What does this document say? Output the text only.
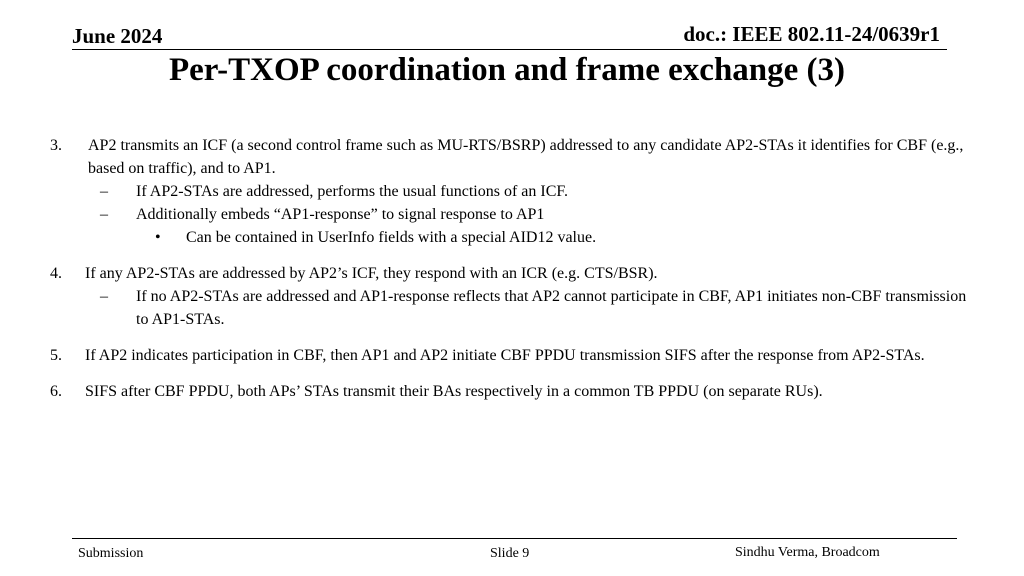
June 2024	doc.: IEEE 802.11-24/0639r1
Per-TXOP coordination and frame exchange (3)
3. AP2 transmits an ICF (a second control frame such as MU-RTS/BSRP) addressed to any candidate AP2-STAs it identifies for CBF (e.g., based on traffic), and to AP1.
– If AP2-STAs are addressed, performs the usual functions of an ICF.
– Additionally embeds “AP1-response” to signal response to AP1
• Can be contained in UserInfo fields with a special AID12 value.
4. If any AP2-STAs are addressed by AP2’s ICF, they respond with an ICR (e.g. CTS/BSR).
– If no AP2-STAs are addressed and AP1-response reflects that AP2 cannot participate in CBF, AP1 initiates non-CBF transmission to AP1-STAs.
5. If AP2 indicates participation in CBF, then AP1 and AP2 initiate CBF PPDU transmission SIFS after the response from AP2-STAs.
6. SIFS after CBF PPDU, both APs’ STAs transmit their BAs respectively in a common TB PPDU (on separate RUs).
Submission	Slide 9	Sindhu Verma, Broadcom
